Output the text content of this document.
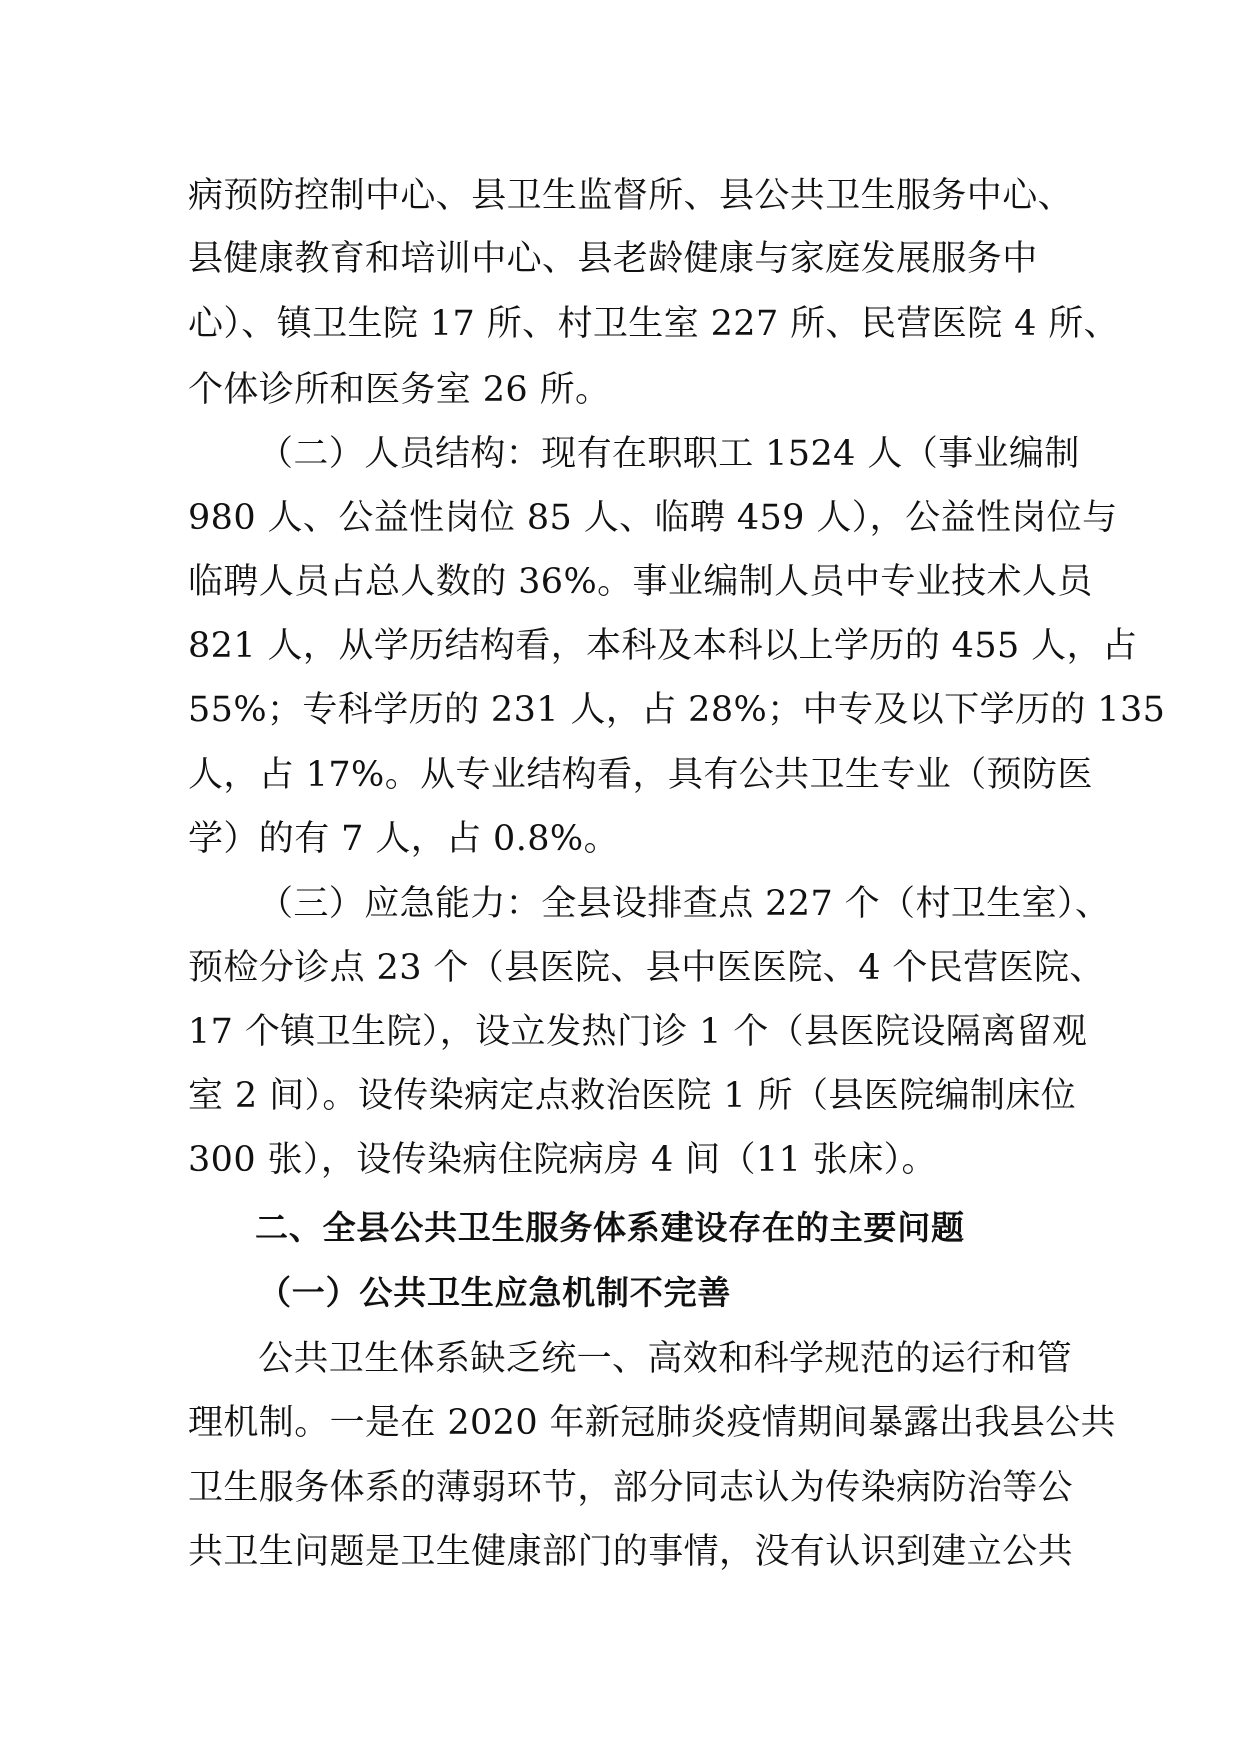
病预防控制中心、县卫生监督所、县公共卫生服务中心、
县健康教育和培训中心、县老龄健康与家庭发展服务中
心）、镇卫生院 17 所、村卫生室 227 所、民营医院 4 所、
个体诊所和医务室 26 所。
（二）人员结构：现有在职职工 1524 人（事业编制
980 人、公益性岗位 85 人、临聘 459 人），公益性岗位与
临聘人员占总人数的 36%。事业编制人员中专业技术人员
821 人，从学历结构看，本科及本科以上学历的 455 人，占
55%；专科学历的 231 人，占 28%；中专及以下学历的 135
人，占 17%。从专业结构看，具有公共卫生专业（预防医
学）的有 7 人，占 0.8%。
（三）应急能力：全县设排查点 227 个（村卫生室）、
预检分诊点 23 个（县医院、县中医医院、4 个民营医院、
17 个镇卫生院），设立发热门诊 1 个（县医院设隔离留观
室 2 间）。设传染病定点救治医院 1 所（县医院编制床位
300 张），设传染病住院病房 4 间（11 张床）。
二、全县公共卫生服务体系建设存在的主要问题
（一）公共卫生应急机制不完善
公共卫生体系缺乏统一、高效和科学规范的运行和管
理机制。一是在 2020 年新冠肺炎疫情期间暴露出我县公共
卫生服务体系的薄弱环节，部分同志认为传染病防治等公
共卫生问题是卫生健康部门的事情，没有认识到建立公共
